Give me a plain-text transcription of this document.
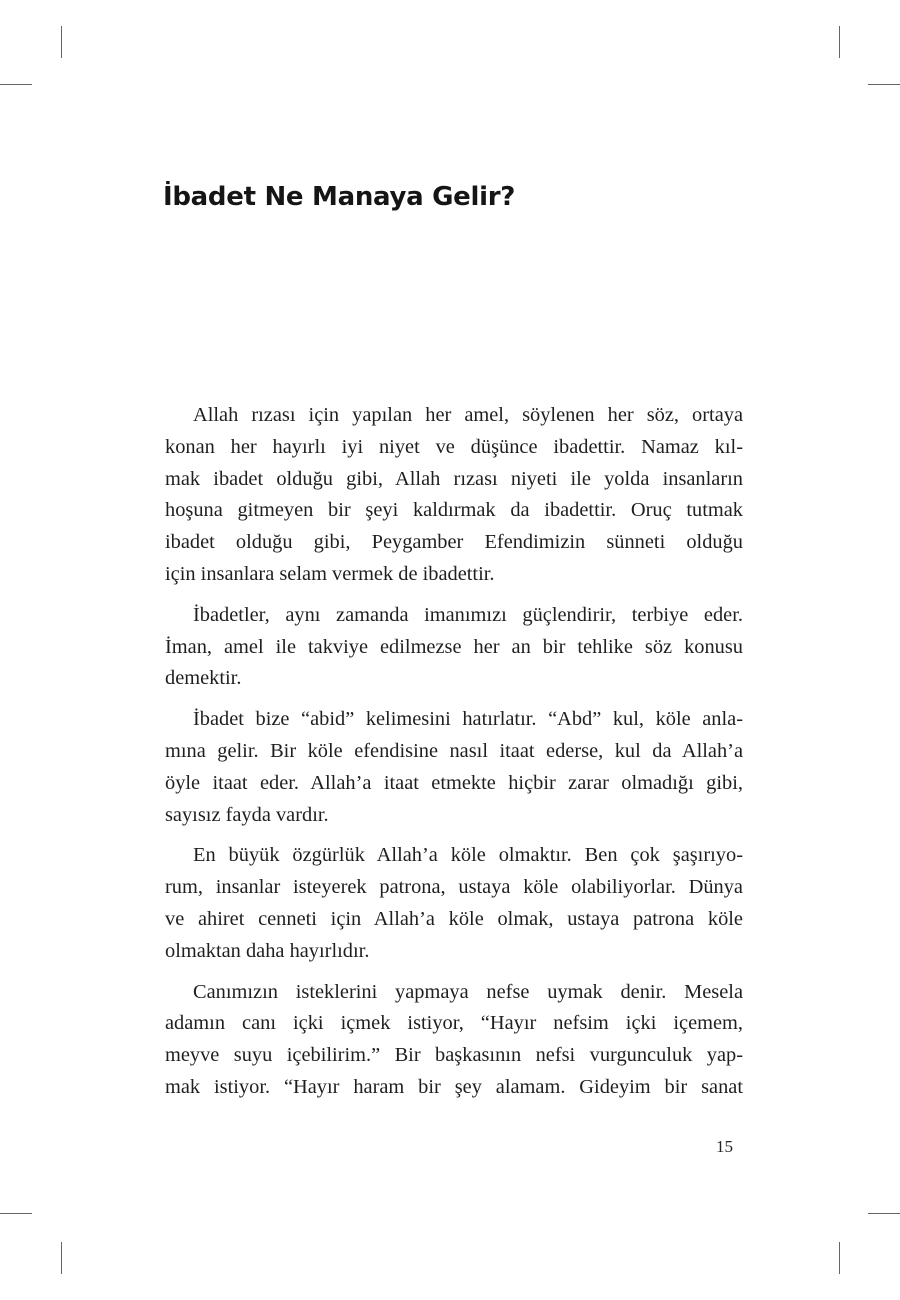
İbadet Ne Manaya Gelir?

Allah rızası için yapılan her amel, söylenen her söz, ortaya
konan her hayırlı iyi niyet ve düşünce ibadettir. Namaz kıl-
mak ibadet olduğu gibi, Allah rızası niyeti ile yolda insanların
hoşuna gitmeyen bir şeyi kaldırmak da ibadettir. Oruç tutmak
ibadet olduğu gibi, Peygamber Efendimizin sünneti olduğu
için insanlara selam vermek de ibadettir.

İbadetler, aynı zamanda imanımızı güçlendirir, terbiye eder.
İman, amel ile takviye edilmezse her an bir tehlike söz konusu
demektir.

İbadet bize “abid” kelimesini hatırlatır. “Abd” kul, köle anla-
mına gelir. Bir köle efendisine nasıl itaat ederse, kul da Allah’a
öyle itaat eder. Allah’a itaat etmekte hiçbir zarar olmadığı gibi,
sayısız fayda vardır.

En büyük özgürlük Allah’a köle olmaktır. Ben çok şaşırıyo-
rum, insanlar isteyerek patrona, ustaya köle olabiliyorlar. Dünya
ve ahiret cenneti için Allah’a köle olmak, ustaya patrona köle
olmaktan daha hayırlıdır.

Canımızın isteklerini yapmaya nefse uymak denir. Mesela
adamın canı içki içmek istiyor, “Hayır nefsim içki içemem,
meyve suyu içebilirim.” Bir başkasının nefsi vurgunculuk yap-
mak istiyor. “Hayır haram bir şey alamam. Gideyim bir sanat

15
